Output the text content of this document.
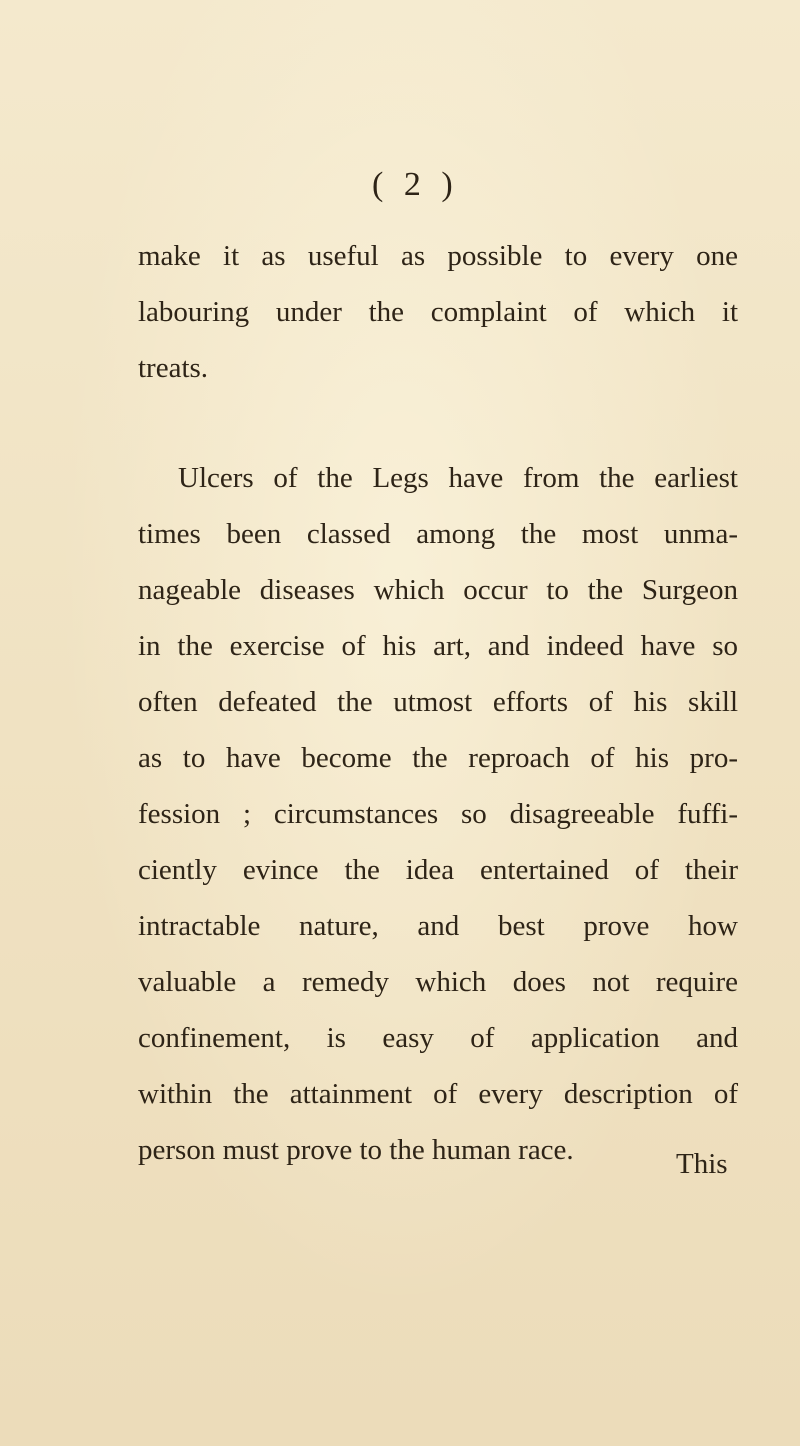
( 2 )
make it as useful as possible to every one
labouring under the complaint of which it
treats.
Ulcers of the Legs have from the earliest
times been classed among the most unma-
nageable diseases which occur to the Surgeon
in the exercise of his art, and indeed have so
often defeated the utmost efforts of his skill
as to have become the reproach of his pro-
fession ; circumstances so disagreeable fuffi-
ciently evince the idea entertained of their
intractable nature, and best prove how
valuable a remedy which does not require
confinement, is easy of application and
within the attainment of every description of
person must prove to the human race.	This
